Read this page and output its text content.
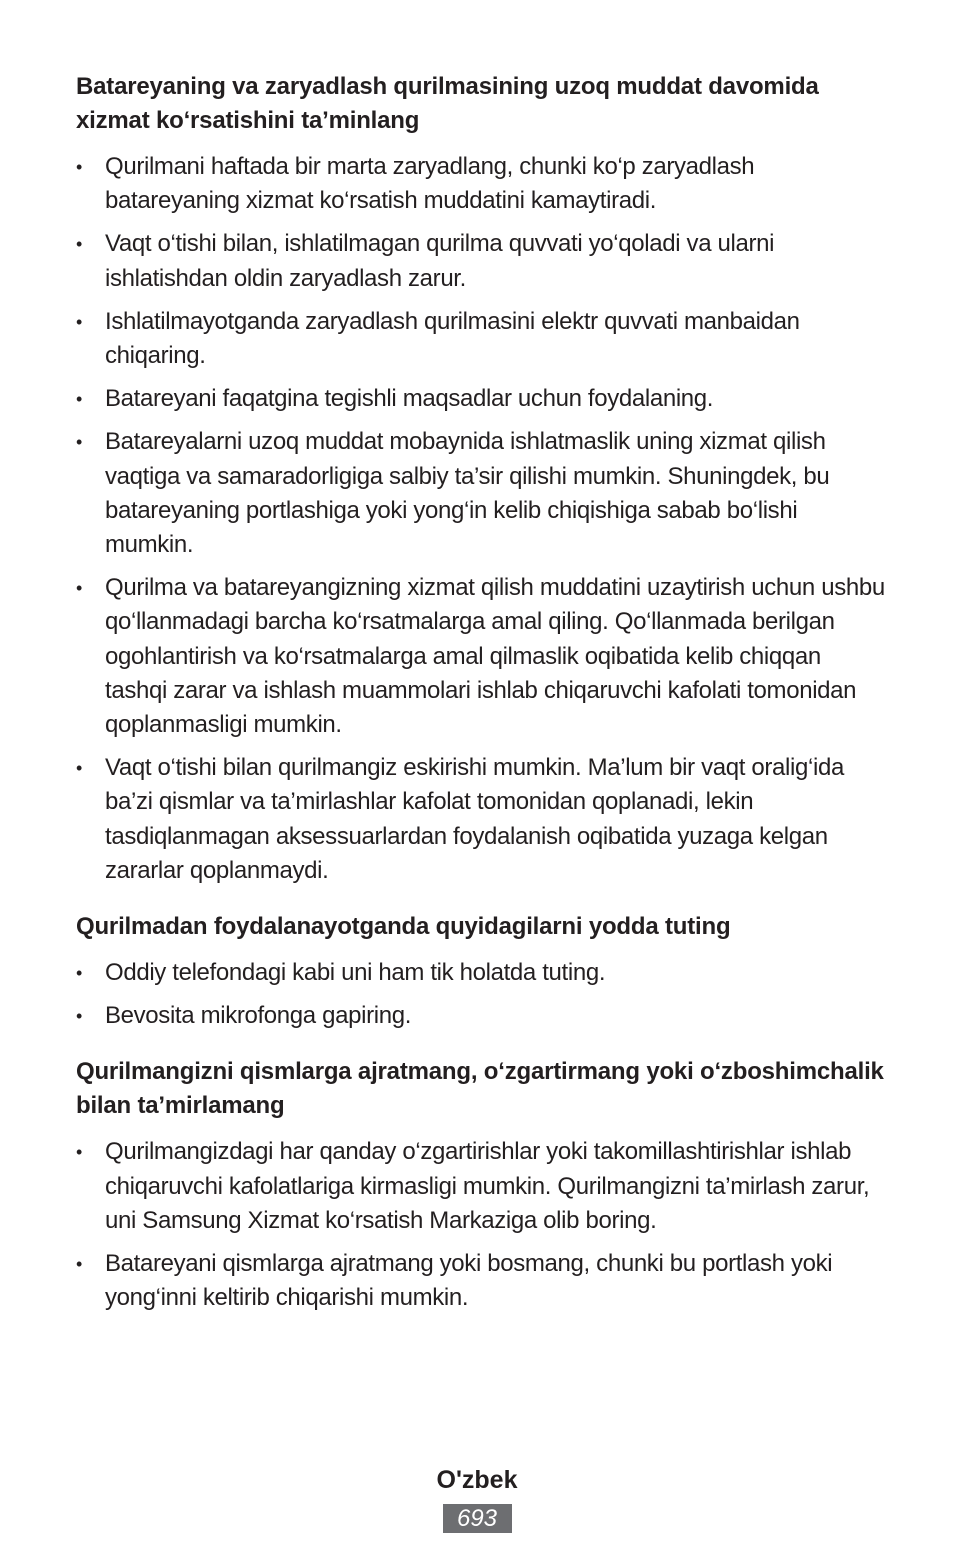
Batareyaning va zaryadlash qurilmasining uzoq muddat davomida xizmat ko‘rsatishini ta’minlang
• Qurilmani haftada bir marta zaryadlang, chunki ko‘p zaryadlash batareyaning xizmat ko‘rsatish muddatini kamaytiradi.
• Vaqt o‘tishi bilan, ishlatilmagan qurilma quvvati yo‘qoladi va ularni ishlatishdan oldin zaryadlash zarur.
• Ishlatilmayotganda zaryadlash qurilmasini elektr quvvati manbaidan chiqaring.
• Batareyani faqatgina tegishli maqsadlar uchun foydalaning.
• Batareyalarni uzoq muddat mobaynida ishlatmaslik uning xizmat qilish vaqtiga va samaradorligiga salbiy ta’sir qilishi mumkin. Shuningdek, bu batareyaning portlashiga yoki yong‘in kelib chiqishiga sabab bo‘lishi mumkin.
• Qurilma va batareyangizning xizmat qilish muddatini uzaytirish uchun ushbu qo‘llanmadagi barcha ko‘rsatmalarga amal qiling. Qo‘llanmada berilgan ogohlantirish va ko‘rsatmalarga amal qilmaslik oqibatida kelib chiqqan tashqi zarar va ishlash muammolari ishlab chiqaruvchi kafolati tomonidan qoplanmasligi mumkin.
• Vaqt o‘tishi bilan qurilmangiz eskirishi mumkin. Ma’lum bir vaqt oralig‘ida ba’zi qismlar va ta’mirlashlar kafolat tomonidan qoplanadi, lekin tasdiqlanmagan aksessuarlardan foydalanish oqibatida yuzaga kelgan zararlar qoplanmaydi.
Qurilmadan foydalanayotganda quyidagilarni yodda tuting
• Oddiy telefondagi kabi uni ham tik holatda tuting.
• Bevosita mikrofonga gapiring.
Qurilmangizni qismlarga ajratmang, o‘zgartirmang yoki o‘zboshimchalik bilan ta’mirlamang
• Qurilmangizdagi har qanday o‘zgartirishlar yoki takomillashtirishlar ishlab chiqaruvchi kafolatlariga kirmasligi mumkin. Qurilmangizni ta’mirlash zarur, uni Samsung Xizmat ko‘rsatish Markaziga olib boring.
• Batareyani qismlarga ajratmang yoki bosmang, chunki bu portlash yoki yong‘inni keltirib chiqarishi mumkin.
O'zbek
693
